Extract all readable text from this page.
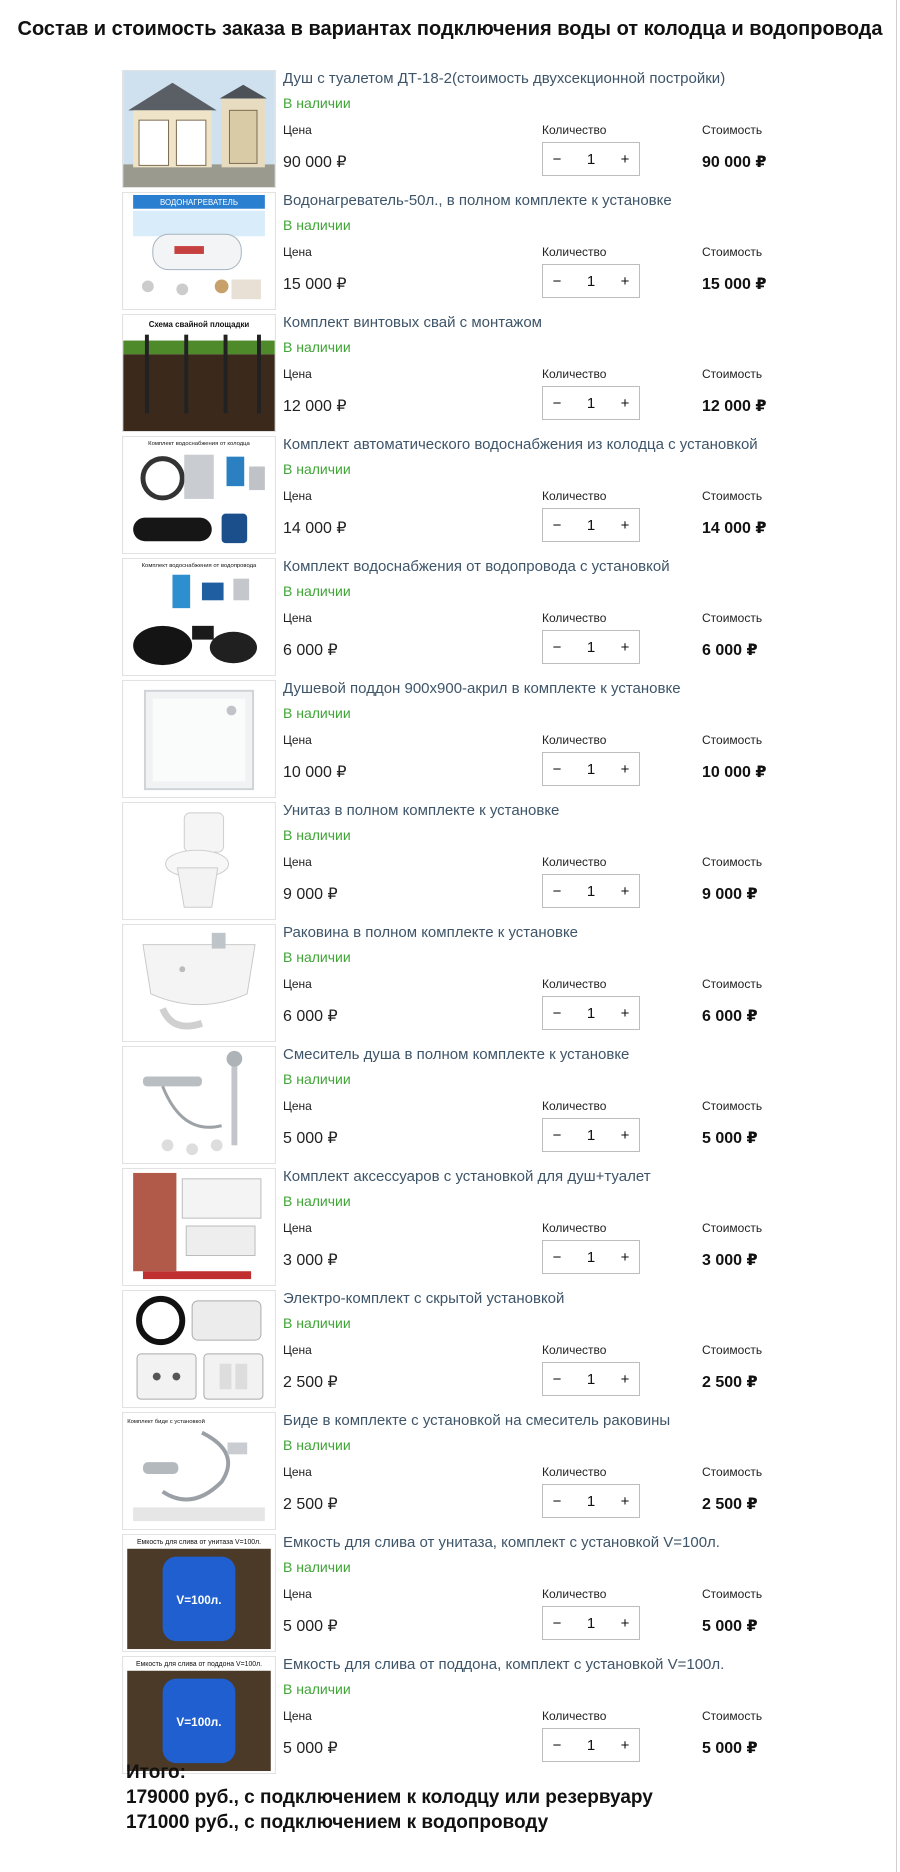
Состав и стоимость заказа в вариантах подключения воды от колодца и водопровода
Душ с туалетом ДТ-18-2(стоимость двухсекционной постройки)
В наличии
Цена	Количество	Стоимость
90 000 ₽	−	1	+	90 000 ₽
ВОДОНАГРЕВАТЕЛЬ	Водонагреватель-50л., в полном комплекте к установке
В наличии
Цена	Количество	Стоимость
15 000 ₽	−	1	+	15 000 ₽
Схема свайной площадки Комплект винтовых свай с монтажом
В наличии
Цена	Количество	Стоимость
12 000 ₽	−	1	+	12 000 ₽
Комплект водоснабжения от колодца Комплект автоматического водоснабжения из колодца с установкой
В наличии
Цена	Количество	Стоимость
14 000 ₽	−	1	+	14 000 ₽
Комплект водоснабжения от водопровода Комплект водоснабжения от водопровода с установкой
В наличии
Цена	Количество	Стоимость
6 000 ₽	−	1	+	6 000 ₽
Душевой поддон 900х900-акрил в комплекте к установке
В наличии
Цена	Количество	Стоимость
10 000 ₽	−	1	+	10 000 ₽
Унитаз в полном комплекте к установке
В наличии
Цена	Количество	Стоимость
9 000 ₽	−	1	+	9 000 ₽
Раковина в полном комплекте к установке
В наличии
Цена	Количество	Стоимость
6 000 ₽	−	1	+	6 000 ₽
Смеситель душа в полном комплекте к установке
В наличии
Цена	Количество	Стоимость
5 000 ₽	−	1	+	5 000 ₽
Комплект аксессуаров с установкой для душ+туалет
В наличии
Цена	Количество	Стоимость
3 000 ₽	−	1	+	3 000 ₽
Электро-комплект с скрытой установкой
В наличии
Цена	Количество	Стоимость
2 500 ₽	−	1	+	2 500 ₽
Комплект биде с установкой	Биде в комплекте с установкой на смеситель раковины
В наличии
Цена	Количество	Стоимость
2 500 ₽	−	1	+	2 500 ₽
Емкость для слива от унитаза V=100л.
V=100л.
Емкость для слива от унитаза, комплект с установкой V=100л.
В наличии
Цена	Количество	Стоимость
5 000 ₽	−	1	+	5 000 ₽
Емкость для слива от поддона V=100л.
V=100л.
Емкость для слива от поддона, комплект с установкой V=100л.
В наличии
Цена	Количество	Стоимость
5 000 ₽	−	1	+	5 000 ₽
Итого:
179000 руб., с подключением к колодцу или резервуару
171000 руб., с подключением к водопроводу
